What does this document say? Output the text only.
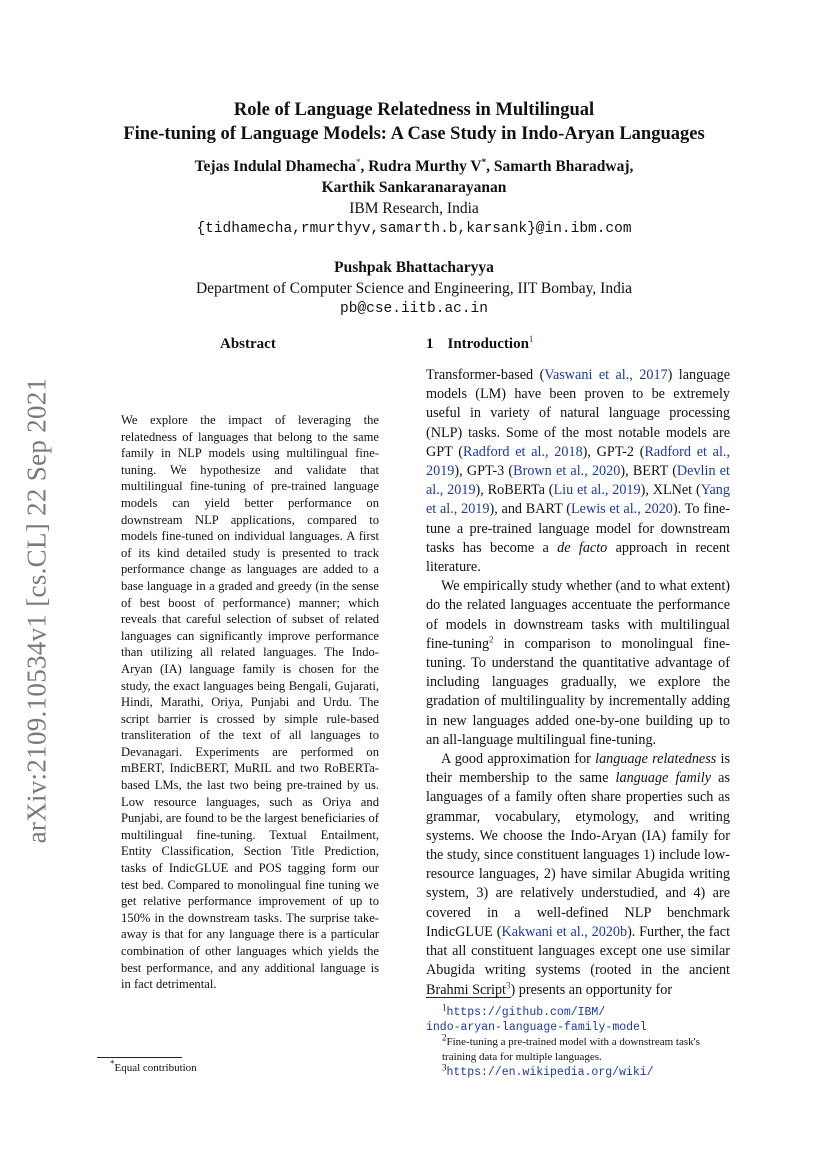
arXiv:2109.10534v1 [cs.CL] 22 Sep 2021
Role of Language Relatedness in Multilingual
Fine-tuning of Language Models: A Case Study in Indo-Aryan Languages
Tejas Indulal Dhamecha*, Rudra Murthy V*, Samarth Bharadwaj,
Karthik Sankaranarayanan
IBM Research, India
{tidhamecha,rmurthyv,samarth.b,karsank}@in.ibm.com
Pushpak Bhattacharyya
Department of Computer Science and Engineering, IIT Bombay, India
pb@cse.iitb.ac.in
Abstract
We explore the impact of leveraging the relatedness of languages that belong to the same family in NLP models using multilingual fine-tuning. We hypothesize and validate that multilingual fine-tuning of pre-trained language models can yield better performance on downstream NLP applications, compared to models fine-tuned on individual languages. A first of its kind detailed study is presented to track performance change as languages are added to a base language in a graded and greedy (in the sense of best boost of performance) manner; which reveals that careful selection of subset of related languages can significantly improve performance than utilizing all related languages. The Indo-Aryan (IA) language family is chosen for the study, the exact languages being Bengali, Gujarati, Hindi, Marathi, Oriya, Punjabi and Urdu. The script barrier is crossed by simple rule-based transliteration of the text of all languages to Devanagari. Experiments are performed on mBERT, IndicBERT, MuRIL and two RoBERTa-based LMs, the last two being pre-trained by us. Low resource languages, such as Oriya and Punjabi, are found to be the largest beneficiaries of multilingual fine-tuning. Textual Entailment, Entity Classification, Section Title Prediction, tasks of IndicGLUE and POS tagging form our test bed. Compared to monolingual fine tuning we get relative performance improvement of up to 150% in the downstream tasks. The surprise take-away is that for any language there is a particular combination of other languages which yields the best performance, and any additional language is in fact detrimental.
1 Introduction$^1$

Transformer-based (Vaswani et al., 2017) language models (LM) have been proven to be extremely useful in variety of natural language processing (NLP) tasks. Some of the most notable models are GPT (Radford et al., 2018), GPT-2 (Radford et al., 2019), GPT-3 (Brown et al., 2020), BERT (Devlin et al., 2019), RoBERTa (Liu et al., 2019), XLNet (Yang et al., 2019), and BART (Lewis et al., 2020). To fine-tune a pre-trained language model for downstream tasks has become a de facto approach in recent literature.

We empirically study whether (and to what extent) do the related languages accentuate the performance of models in downstream tasks with multilingual fine-tuning$^2$ in comparison to monolingual fine-tuning. To understand the quantitative advantage of including languages gradually, we explore the gradation of multilinguality by incrementally adding in new languages added one-by-one building up to an all-language multilingual fine-tuning.

A good approximation for language relatedness is their membership to the same language family as languages of a family often share properties such as grammar, vocabulary, etymology, and writing systems. We choose the Indo-Aryan (IA) family for the study, since constituent languages 1) include low-resource languages, 2) have similar Abugida writing system, 3) are relatively understudied, and 4) are covered in a well-defined NLP benchmark IndicGLUE (Kakwani et al., 2020b). Further, the fact that all constituent languages except one use similar Abugida writing systems (rooted in the ancient Brahmi Script$^3$) presents an opportunity for

*Equal contribution
$^1$https://github.com/IBM/
indo-aryan-language-family-model
$^2$Fine-tuning a pre-trained model with a downstream task's training data for multiple languages.
$^3$https://en.wikipedia.org/wiki/
